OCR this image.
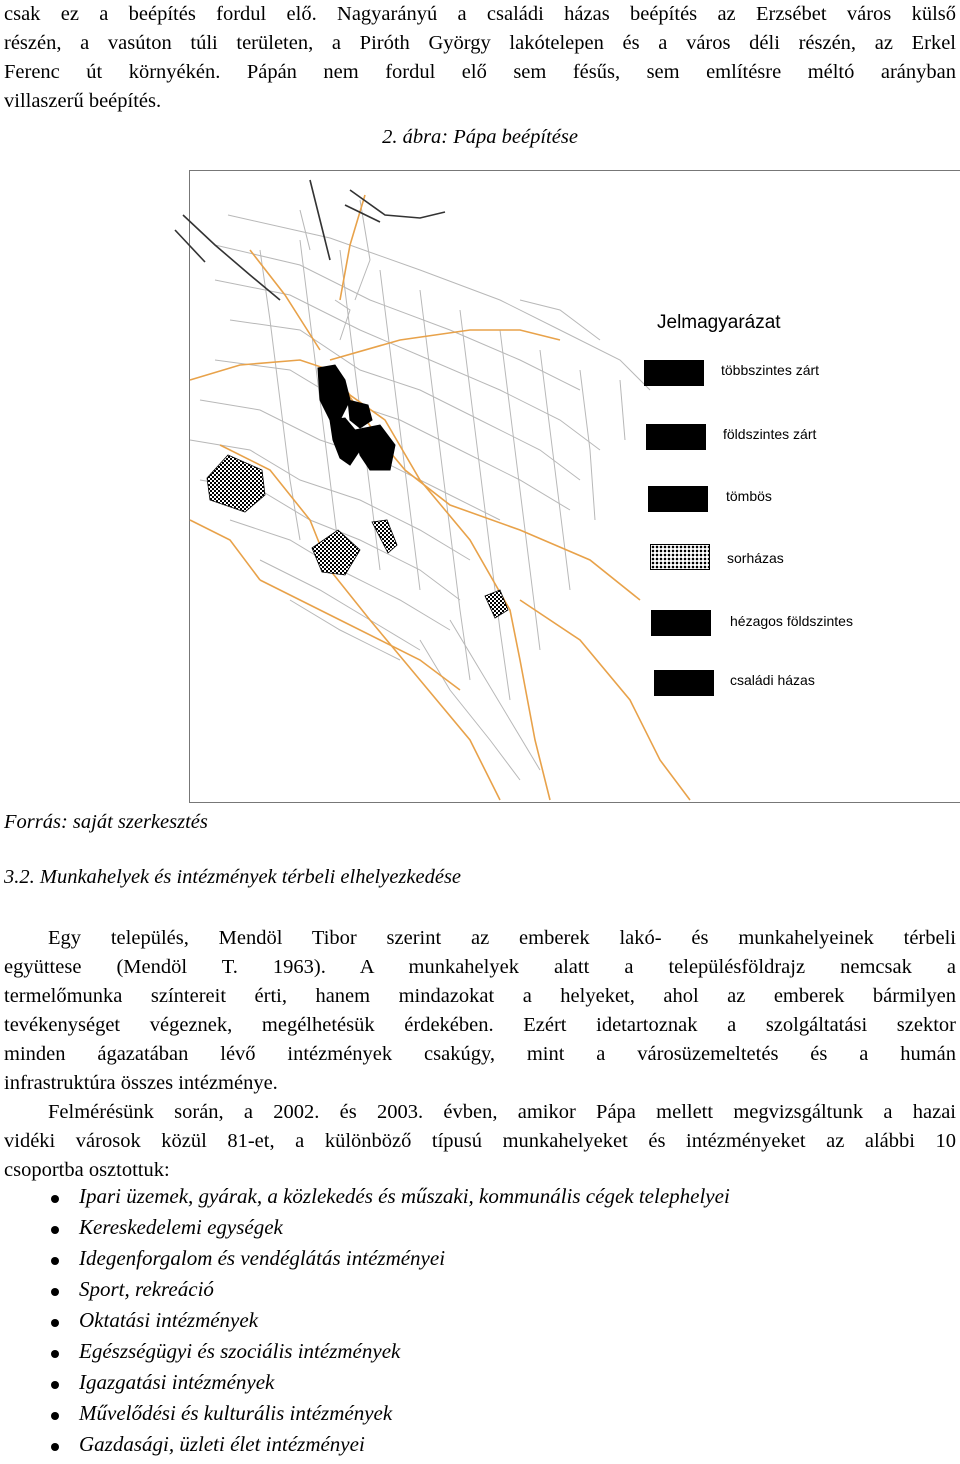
csak ez a beépítés fordul elő. Nagyarányú a családi házas beépítés az Erzsébet város külső
részén, a vasúton túli területen, a Piróth György lakótelepen és a város déli részén, az Erkel
Ferenc út környékén. Pápán nem fordul elő sem fésűs, sem említésre méltó arányban
villaszerű beépítés.
2. ábra: Pápa beépítése
Jelmagyarázat
többszintes zárt
földszintes zárt
tömbös
sorházas
hézagos földszintes
családi házas
Forrás: saját szerkesztés
3.2. Munkahelyek és intézmények térbeli elhelyezkedése
Egy település, Mendöl Tibor szerint az emberek lakó- és munkahelyeinek térbeli
együttese (Mendöl T. 1963). A munkahelyek alatt a településföldrajz nemcsak a
termelőmunka színtereit érti, hanem mindazokat a helyeket, ahol az emberek bármilyen
tevékenységet végeznek, megélhetésük érdekében. Ezért idetartoznak a szolgáltatási szektor
minden ágazatában lévő intézmények csakúgy, mint a városüzemeltetés és a humán
infrastruktúra összes intézménye.
Felmérésünk során, a 2002. és 2003. évben, amikor Pápa mellett megvizsgáltunk a hazai
vidéki városok közül 81-et, a különböző típusú munkahelyeket és intézményeket az alábbi 10
csoportba osztottuk:
Ipari üzemek, gyárak, a közlekedés és műszaki, kommunális cégek telephelyei
Kereskedelemi egységek
Idegenforgalom és vendéglátás intézményei
Sport, rekreáció
Oktatási intézmények
Egészségügyi és szociális intézmények
Igazgatási intézmények
Művelődési és kulturális intézmények
Gazdasági, üzleti élet intézményei
